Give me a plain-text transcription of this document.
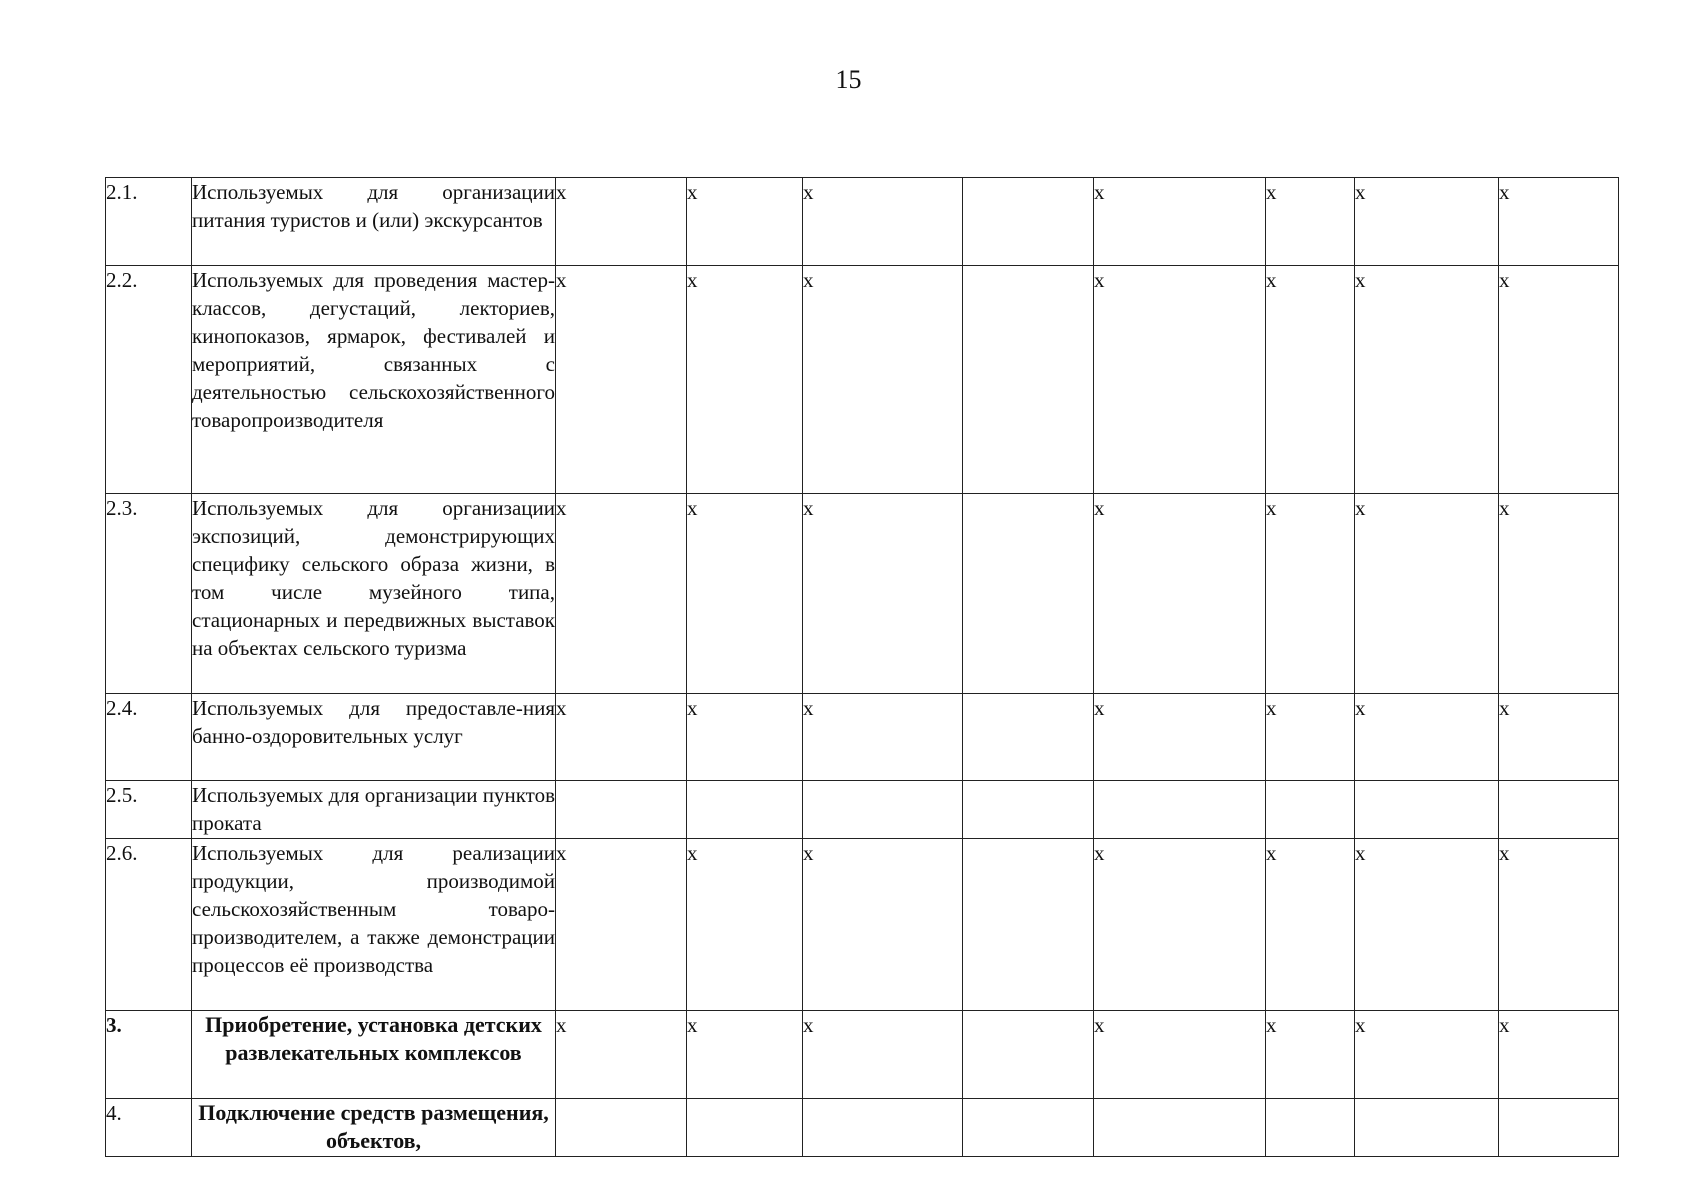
15
2.1.	Используемых для организации питания туристов и (или) экскурсантов	х	х	х		х	х	х	х
2.2.	Используемых для проведения мастер-классов, дегустаций, лекториев, кинопоказов, ярмарок, фестивалей и мероприятий, связанных с деятельностью сельскохозяйственного товаропроизводителя	х	х	х		х	х	х	х
2.3.	Используемых для организации экспозиций, демонстрирующих специфику сельского образа жизни, в том числе музейного типа, стационарных и передвижных выставок на объектах сельского туризма	х	х	х		х	х	х	х
2.4.	Используемых для предоставле-ния банно-оздоровительных услуг	х	х	х		х	х	х	х
2.5.	Используемых для организации пунктов проката								
2.6.	Используемых для реализации продукции, производимой сельскохозяйственным товаро-производителем, а также демонстрации процессов её производства	х	х	х		х	х	х	х
3.	Приобретение, установка детских развлекательных комплексов	х	х	х		х	х	х	х
4.	Подключение средств размещения, объектов,								
